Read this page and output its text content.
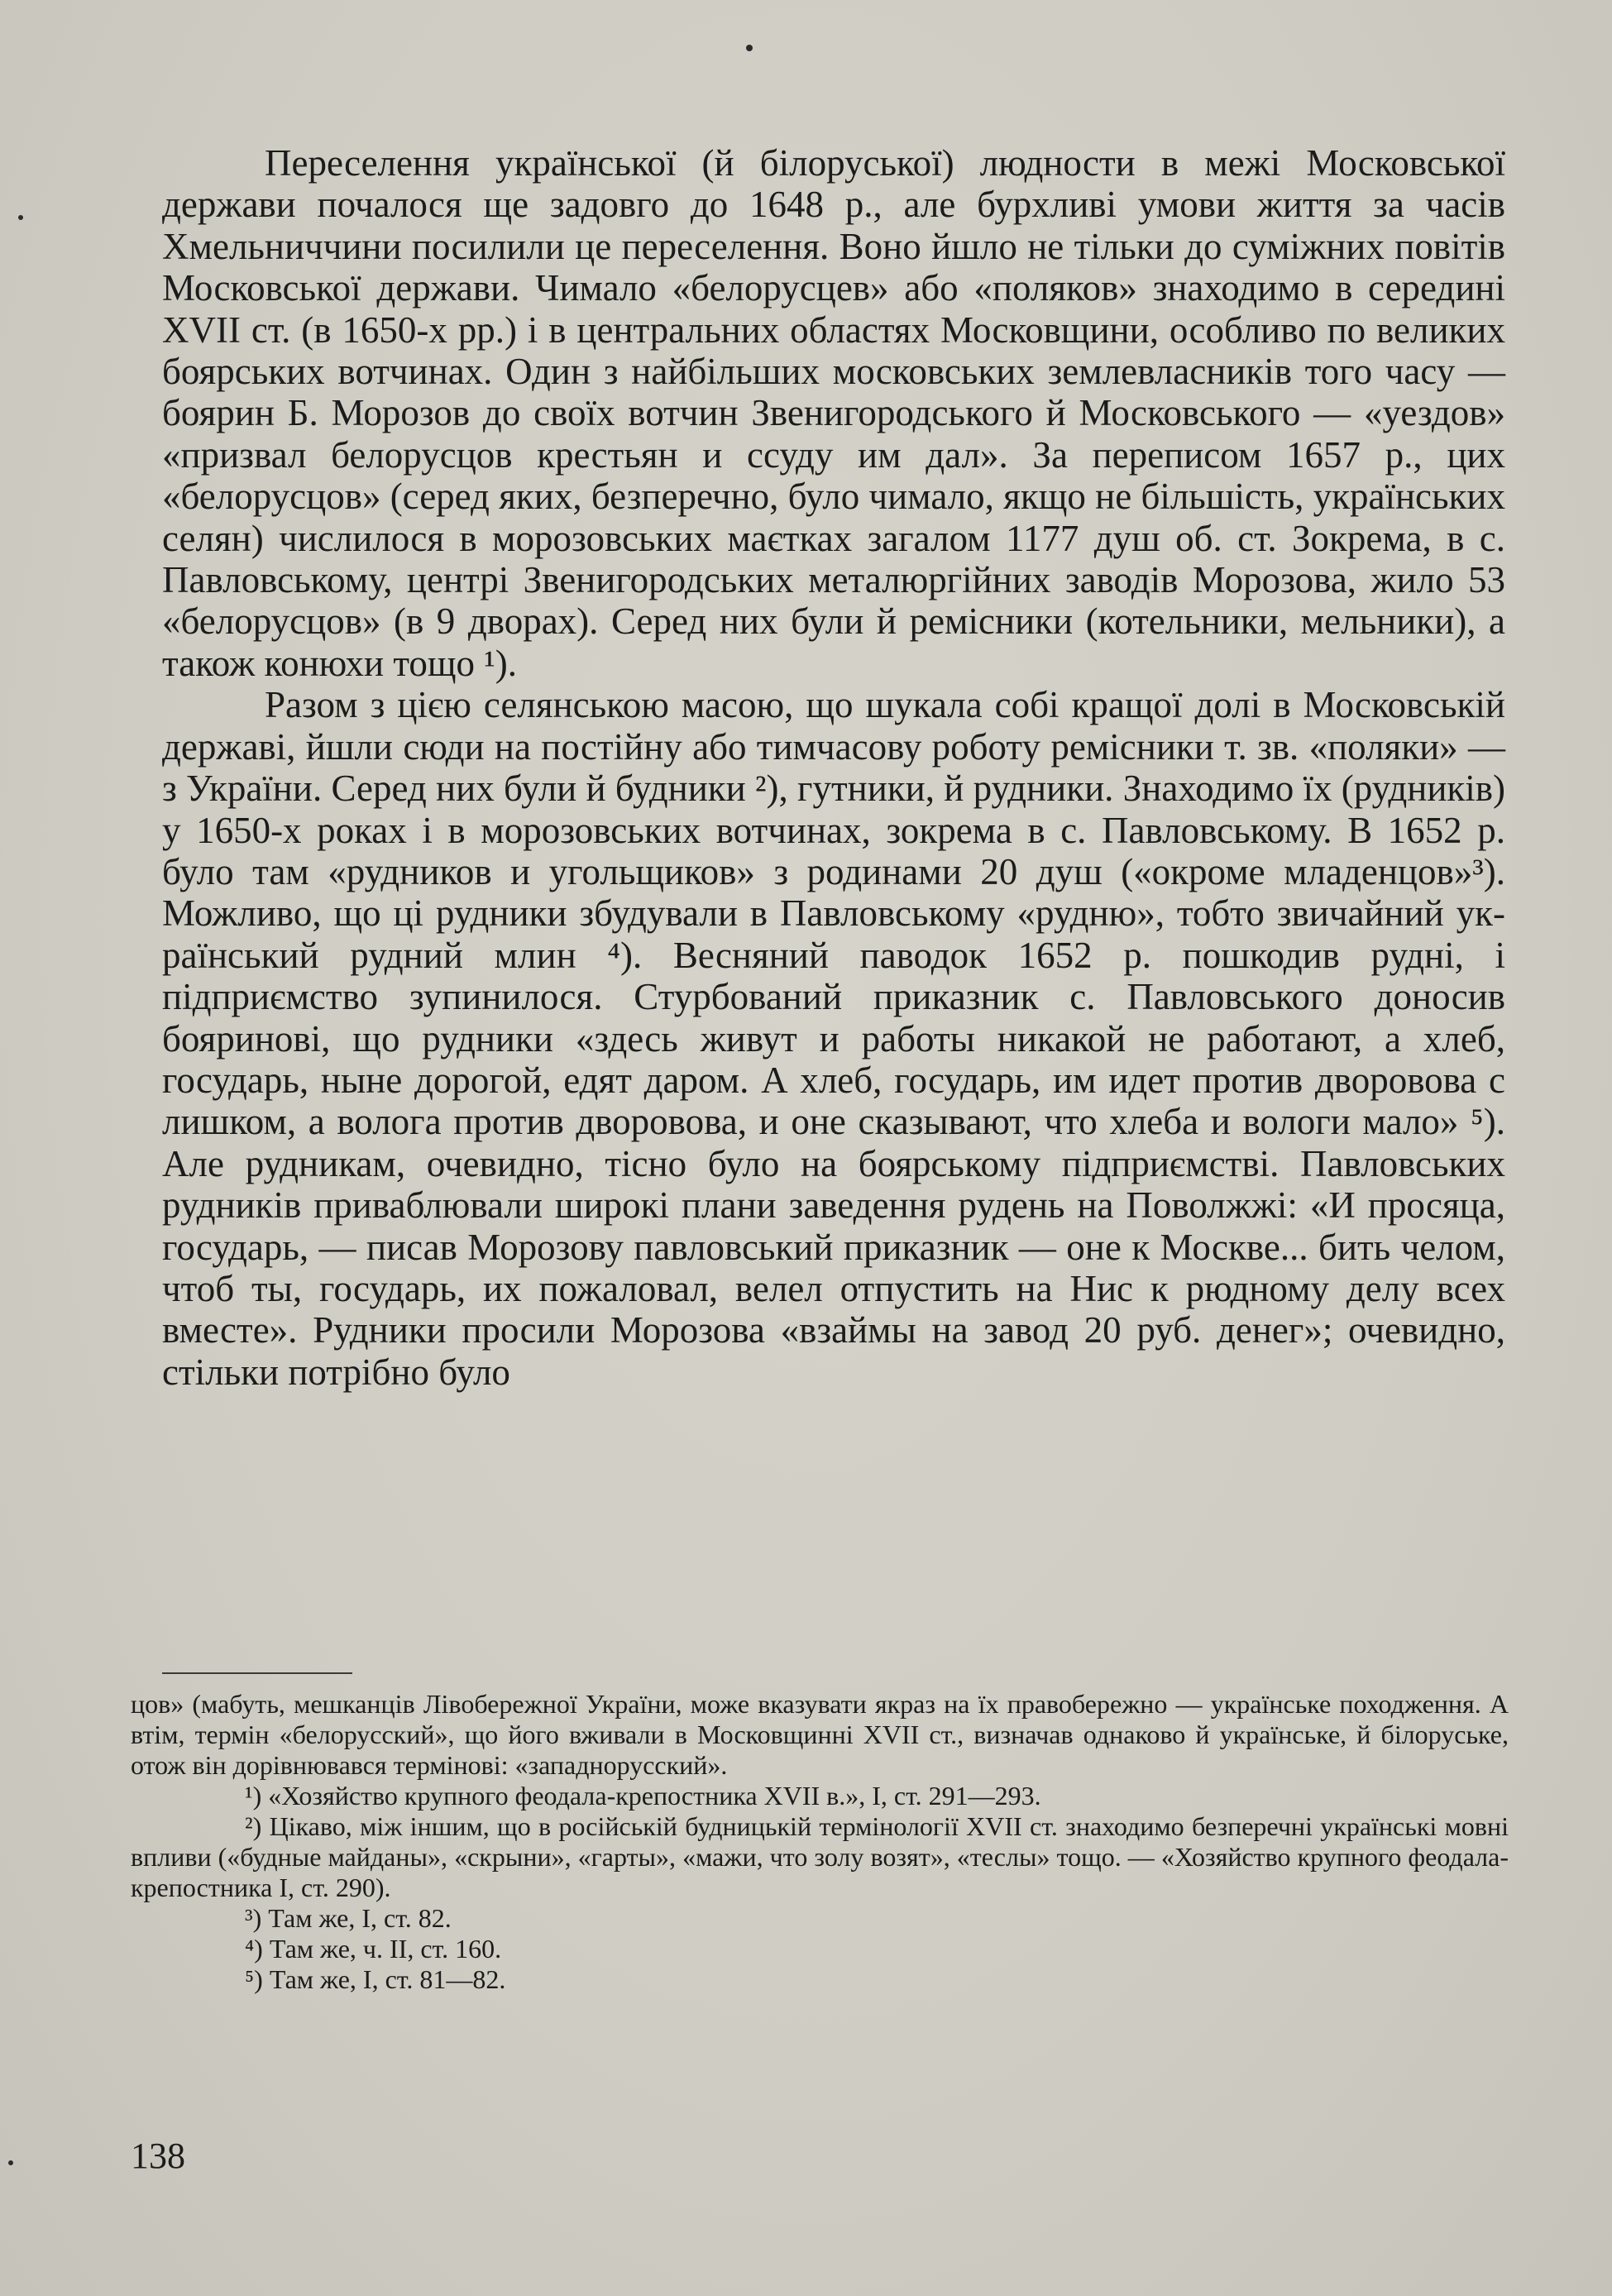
Переселення української (й білоруської) людности в межі Московської держави почалося ще задовго до 1648 р., але бурхливі умови життя за часів Хмельниччини посилили це переселення. Воно йшло не тільки до суміжних повітів Московської держави. Чимало «белорусцев» або «поляков» знаходимо в середині XVII ст. (в 1650-х рр.) і в центральних областях Московщини, особливо по великих боярських вотчинах. Один з найбільших московських землевласників того часу — боярин Б. Морозов до своїх вотчин Звенигородського й Московського — «уездов» «призвал белорусцов крестьян и ссуду им дал». За переписом 1657 р., цих «белорусцов» (серед яких, безперечно, було чимало, якщо не більшість, українських селян) числилося в морозовських маєтках загалом 1177 душ об. ст. Зокрема, в с. Павловському, центрі Звенигородських металюргійних заводів Морозова, жило 53 «белорусцов» (в 9 дворах). Серед них були й ремісники (котельники, мельники), а також конюхи тощо ¹).

Разом з цією селянською масою, що шукала собі кращої долі в Московській державі, йшли сюди на постійну або тимчасову роботу ремісники т. зв. «поляки» — з України. Серед них були й будники ²), гутники, й рудники. Знаходимо їх (рудників) у 1650-х роках і в морозовських вотчинах, зокрема в с. Павловському. В 1652 р. було там «рудников и угольщиков» з родинами 20 душ («окроме младенцов»³). Можливо, що ці рудники збудували в Павловському «рудню», тобто звичайний український рудний млин ⁴). Весняний паводок 1652 р. пошкодив рудні, і підприємство зупинилося. Стурбований приказник с. Павловського доносив бояринові, що рудники «здесь живут и работы никакой не работают, а хлеб, государь, ныне дорогой, едят даром. А хлеб, государь, им идет против дворовова с лишком, а волога против дворовова, и оне сказывают, что хлеба и вологи мало» ⁵). Але рудникам, очевидно, тісно було на боярському підприємстві. Павловських рудників приваблювали широкі плани заведення рудень на Поволжжі: «И просяца, государь, — писав Морозову павловський приказник — оне к Москве... бить челом, чтоб ты, государь, их пожаловал, велел отпустить на Нис к рюдному делу всех вместе». Рудники просили Морозова «взаймы на завод 20 руб. денег»; очевидно, стільки потрібно було

цов» (мабуть, мешканців Лівобережної України, може вказувати якраз на їх правобережно — українське походження. А втім, термін «белорусский», що його вживали в Московщинні XVII ст., визначав однаково й українське, й білоруське, отож він дорівнювався термінові: «западнорусский».

¹) «Хозяйство крупного феодала-крепостника XVII в.», I, ст. 291—293.

²) Цікаво, між іншим, що в російській будницькій термінології XVII ст. знаходимо безперечні українські мовні впливи («будные майданы», «скрыни», «гарты», «мажи, что золу возят», «теслы» тощо. — «Хозяйство крупного феодала-крепостника I, ст. 290).

³) Там же, I, ст. 82.

⁴) Там же, ч. II, ст. 160.

⁵) Там же, I, ст. 81—82.

138
